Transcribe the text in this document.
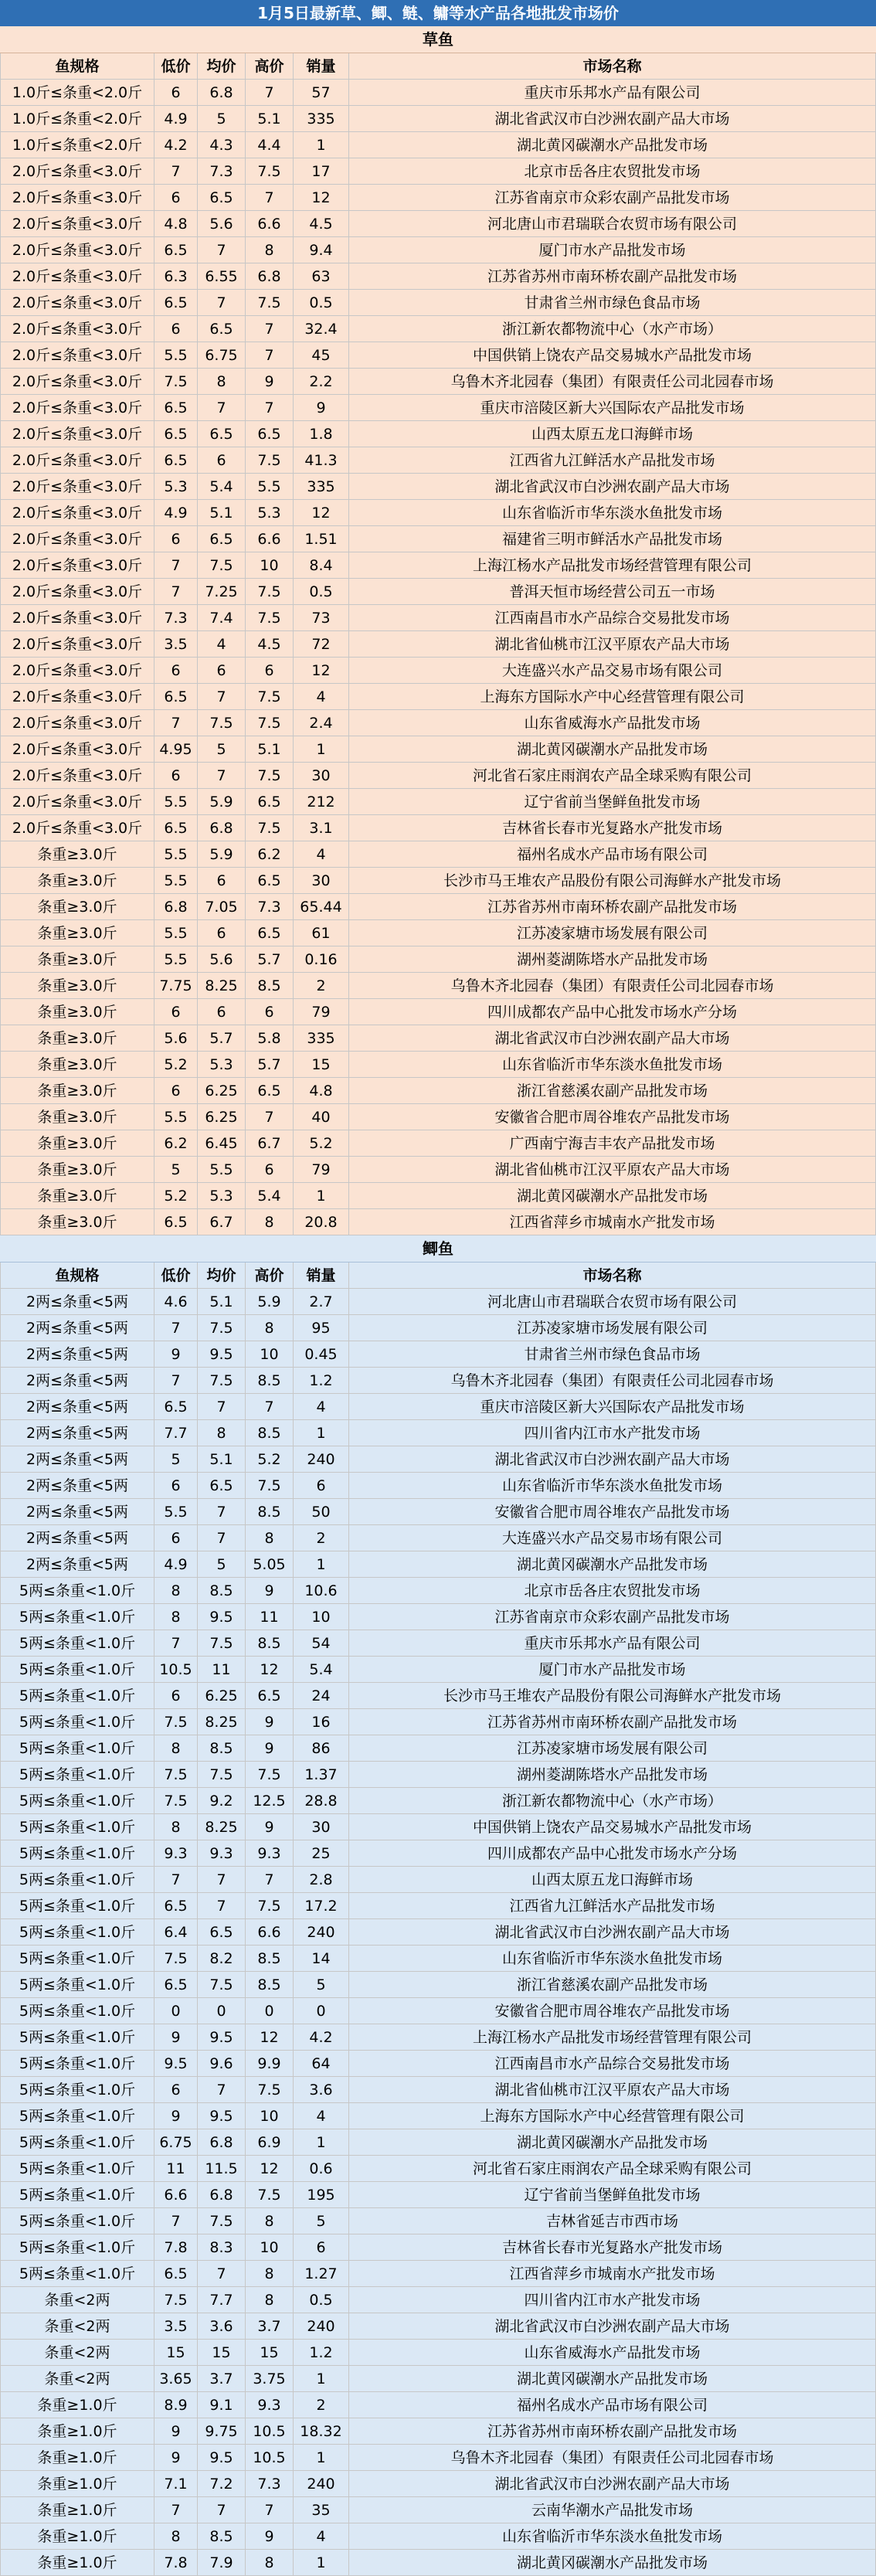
1月5日最新草、鲫、鲢、鳙等水产品各地批发市场价
草鱼
鱼规格	低价	均价	高价	销量	市场名称
1.0斤≤条重<2.0斤	6	6.8	7	57	重庆市乐邦水产品有限公司
1.0斤≤条重<2.0斤	4.9	5	5.1	335	湖北省武汉市白沙洲农副产品大市场
1.0斤≤条重<2.0斤	4.2	4.3	4.4	1	湖北黄冈碳潮水产品批发市场
2.0斤≤条重<3.0斤	7	7.3	7.5	17	北京市岳各庄农贸批发市场
2.0斤≤条重<3.0斤	6	6.5	7	12	江苏省南京市众彩农副产品批发市场
2.0斤≤条重<3.0斤	4.8	5.6	6.6	4.5	河北唐山市君瑞联合农贸市场有限公司
2.0斤≤条重<3.0斤	6.5	7	8	9.4	厦门市水产品批发市场
2.0斤≤条重<3.0斤	6.3	6.55	6.8	63	江苏省苏州市南环桥农副产品批发市场
2.0斤≤条重<3.0斤	6.5	7	7.5	0.5	甘肃省兰州市绿色食品市场
2.0斤≤条重<3.0斤	6	6.5	7	32.4	浙江新农都物流中心（水产市场）
2.0斤≤条重<3.0斤	5.5	6.75	7	45	中国供销上饶农产品交易城水产品批发市场
2.0斤≤条重<3.0斤	7.5	8	9	2.2	乌鲁木齐北园春（集团）有限责任公司北园春市场
2.0斤≤条重<3.0斤	6.5	7	7	9	重庆市涪陵区新大兴国际农产品批发市场
2.0斤≤条重<3.0斤	6.5	6.5	6.5	1.8	山西太原五龙口海鲜市场
2.0斤≤条重<3.0斤	6.5	6	7.5	41.3	江西省九江鲜活水产品批发市场
2.0斤≤条重<3.0斤	5.3	5.4	5.5	335	湖北省武汉市白沙洲农副产品大市场
2.0斤≤条重<3.0斤	4.9	5.1	5.3	12	山东省临沂市华东淡水鱼批发市场
2.0斤≤条重<3.0斤	6	6.5	6.6	1.51	福建省三明市鲜活水产品批发市场
2.0斤≤条重<3.0斤	7	7.5	10	8.4	上海江杨水产品批发市场经营管理有限公司
2.0斤≤条重<3.0斤	7	7.25	7.5	0.5	普洱天恒市场经营公司五一市场
2.0斤≤条重<3.0斤	7.3	7.4	7.5	73	江西南昌市水产品综合交易批发市场
2.0斤≤条重<3.0斤	3.5	4	4.5	72	湖北省仙桃市江汉平原农产品大市场
2.0斤≤条重<3.0斤	6	6	6	12	大连盛兴水产品交易市场有限公司
2.0斤≤条重<3.0斤	6.5	7	7.5	4	上海东方国际水产中心经营管理有限公司
2.0斤≤条重<3.0斤	7	7.5	7.5	2.4	山东省威海水产品批发市场
2.0斤≤条重<3.0斤	4.95	5	5.1	1	湖北黄冈碳潮水产品批发市场
2.0斤≤条重<3.0斤	6	7	7.5	30	河北省石家庄雨润农产品全球采购有限公司
2.0斤≤条重<3.0斤	5.5	5.9	6.5	212	辽宁省前当堡鲜鱼批发市场
2.0斤≤条重<3.0斤	6.5	6.8	7.5	3.1	吉林省长春市光复路水产批发市场
条重≥3.0斤	5.5	5.9	6.2	4	福州名成水产品市场有限公司
条重≥3.0斤	5.5	6	6.5	30	长沙市马王堆农产品股份有限公司海鲜水产批发市场
条重≥3.0斤	6.8	7.05	7.3	65.44	江苏省苏州市南环桥农副产品批发市场
条重≥3.0斤	5.5	6	6.5	61	江苏凌家塘市场发展有限公司
条重≥3.0斤	5.5	5.6	5.7	0.16	湖州菱湖陈塔水产品批发市场
条重≥3.0斤	7.75 8.25	8.5	2	乌鲁木齐北园春（集团）有限责任公司北园春市场
条重≥3.0斤	6	6	6	79	四川成都农产品中心批发市场水产分场
条重≥3.0斤	5.6	5.7	5.8	335	湖北省武汉市白沙洲农副产品大市场
条重≥3.0斤	5.2	5.3	5.7	15	山东省临沂市华东淡水鱼批发市场
条重≥3.0斤	6	6.25	6.5	4.8	浙江省慈溪农副产品批发市场
条重≥3.0斤	5.5	6.25	7	40	安徽省合肥市周谷堆农产品批发市场
条重≥3.0斤	6.2	6.45	6.7	5.2	广西南宁海吉丰农产品批发市场
条重≥3.0斤	5	5.5	6	79	湖北省仙桃市江汉平原农产品大市场
条重≥3.0斤	5.2	5.3	5.4	1	湖北黄冈碳潮水产品批发市场
条重≥3.0斤	6.5	6.7	8	20.8	江西省萍乡市城南水产批发市场
鲫鱼
鱼规格	低价	均价	高价	销量	市场名称
2两≤条重<5两	4.6	5.1	5.9	2.7	河北唐山市君瑞联合农贸市场有限公司
2两≤条重<5两	7	7.5	8	95	江苏凌家塘市场发展有限公司
2两≤条重<5两	9	9.5	10	0.45	甘肃省兰州市绿色食品市场
2两≤条重<5两	7	7.5	8.5	1.2	乌鲁木齐北园春（集团）有限责任公司北园春市场
2两≤条重<5两	6.5	7	7	4	重庆市涪陵区新大兴国际农产品批发市场
2两≤条重<5两	7.7	8	8.5	1	四川省内江市水产批发市场
2两≤条重<5两	5	5.1	5.2	240	湖北省武汉市白沙洲农副产品大市场
2两≤条重<5两	6	6.5	7.5	6	山东省临沂市华东淡水鱼批发市场
2两≤条重<5两	5.5	7	8.5	50	安徽省合肥市周谷堆农产品批发市场
2两≤条重<5两	6	7	8	2	大连盛兴水产品交易市场有限公司
2两≤条重<5两	4.9	5	5.05	1	湖北黄冈碳潮水产品批发市场
5两≤条重<1.0斤	8	8.5	9	10.6	北京市岳各庄农贸批发市场
5两≤条重<1.0斤	8	9.5	11	10	江苏省南京市众彩农副产品批发市场
5两≤条重<1.0斤	7	7.5	8.5	54	重庆市乐邦水产品有限公司
5两≤条重<1.0斤	10.5	11	12	5.4	厦门市水产品批发市场
5两≤条重<1.0斤	6	6.25	6.5	24	长沙市马王堆农产品股份有限公司海鲜水产批发市场
5两≤条重<1.0斤	7.5	8.25	9	16	江苏省苏州市南环桥农副产品批发市场
5两≤条重<1.0斤	8	8.5	9	86	江苏凌家塘市场发展有限公司
5两≤条重<1.0斤	7.5	7.5	7.5	1.37	湖州菱湖陈塔水产品批发市场
5两≤条重<1.0斤	7.5	9.2	12.5	28.8	浙江新农都物流中心（水产市场）
5两≤条重<1.0斤	8	8.25	9	30	中国供销上饶农产品交易城水产品批发市场
5两≤条重<1.0斤	9.3	9.3	9.3	25	四川成都农产品中心批发市场水产分场
5两≤条重<1.0斤	7	7	7	2.8	山西太原五龙口海鲜市场
5两≤条重<1.0斤	6.5	7	7.5	17.2	江西省九江鲜活水产品批发市场
5两≤条重<1.0斤	6.4	6.5	6.6	240	湖北省武汉市白沙洲农副产品大市场
5两≤条重<1.0斤	7.5	8.2	8.5	14	山东省临沂市华东淡水鱼批发市场
5两≤条重<1.0斤	6.5	7.5	8.5	5	浙江省慈溪农副产品批发市场
5两≤条重<1.0斤	0	0	0	0	安徽省合肥市周谷堆农产品批发市场
5两≤条重<1.0斤	9	9.5	12	4.2	上海江杨水产品批发市场经营管理有限公司
5两≤条重<1.0斤	9.5	9.6	9.9	64	江西南昌市水产品综合交易批发市场
5两≤条重<1.0斤	6	7	7.5	3.6	湖北省仙桃市江汉平原农产品大市场
5两≤条重<1.0斤	9	9.5	10	4	上海东方国际水产中心经营管理有限公司
5两≤条重<1.0斤	6.75	6.8	6.9	1	湖北黄冈碳潮水产品批发市场
5两≤条重<1.0斤	11	11.5	12	0.6	河北省石家庄雨润农产品全球采购有限公司
5两≤条重<1.0斤	6.6	6.8	7.5	195	辽宁省前当堡鲜鱼批发市场
5两≤条重<1.0斤	7	7.5	8	5	吉林省延吉市西市场
5两≤条重<1.0斤	7.8	8.3	10	6	吉林省长春市光复路水产批发市场
5两≤条重<1.0斤	6.5	7	8	1.27	江西省萍乡市城南水产批发市场
条重<2两	7.5	7.7	8	0.5	四川省内江市水产批发市场
条重<2两	3.5	3.6	3.7	240	湖北省武汉市白沙洲农副产品大市场
条重<2两	15	15	15	1.2	山东省威海水产品批发市场
条重<2两	3.65	3.7	3.75	1	湖北黄冈碳潮水产品批发市场
条重≥1.0斤	8.9	9.1	9.3	2	福州名成水产品市场有限公司
条重≥1.0斤	9	9.75	10.5 18.32	江苏省苏州市南环桥农副产品批发市场
条重≥1.0斤	9	9.5	10.5	1	乌鲁木齐北园春（集团）有限责任公司北园春市场
条重≥1.0斤	7.1	7.2	7.3	240	湖北省武汉市白沙洲农副产品大市场
条重≥1.0斤	7	7	7	35	云南华潮水产品批发市场
条重≥1.0斤	8	8.5	9	4	山东省临沂市华东淡水鱼批发市场
条重≥1.0斤	7.8	7.9	8	1	湖北黄冈碳潮水产品批发市场
